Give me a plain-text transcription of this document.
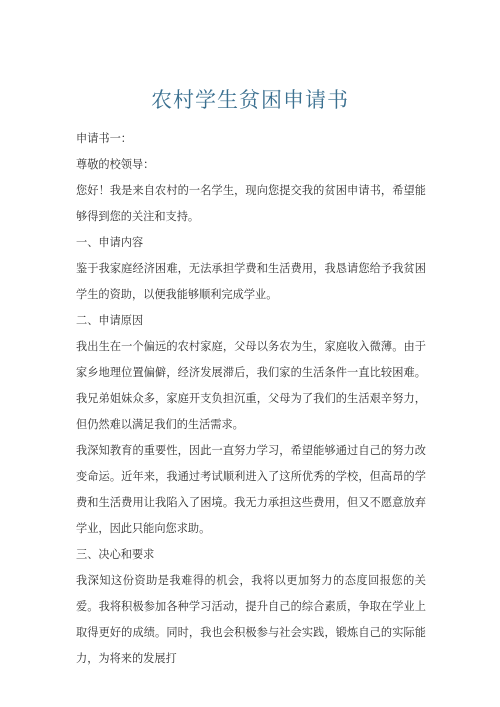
农村学生贫困申请书

申请书一：

尊敬的校领导：

您好！我是来自农村的一名学生，现向您提交我的贫困申请书，希望能够得到您的关注和支持。

一、申请内容

鉴于我家庭经济困难，无法承担学费和生活费用，我恳请您给予我贫困学生的资助，以便我能够顺利完成学业。

二、申请原因

我出生在一个偏远的农村家庭，父母以务农为生，家庭收入微薄。由于家乡地理位置偏僻，经济发展滞后，我们家的生活条件一直比较困难。我兄弟姐妹众多，家庭开支负担沉重，父母为了我们的生活艰辛努力，但仍然难以满足我们的生活需求。

我深知教育的重要性，因此一直努力学习，希望能够通过自己的努力改变命运。近年来，我通过考试顺利进入了这所优秀的学校，但高昂的学费和生活费用让我陷入了困境。我无力承担这些费用，但又不愿意放弃学业，因此只能向您求助。

三、决心和要求

我深知这份资助是我难得的机会，我将以更加努力的态度回报您的关爱。我将积极参加各种学习活动，提升自己的综合素质，争取在学业上取得更好的成绩。同时，我也会积极参与社会实践，锻炼自己的实际能力，为将来的发展打
